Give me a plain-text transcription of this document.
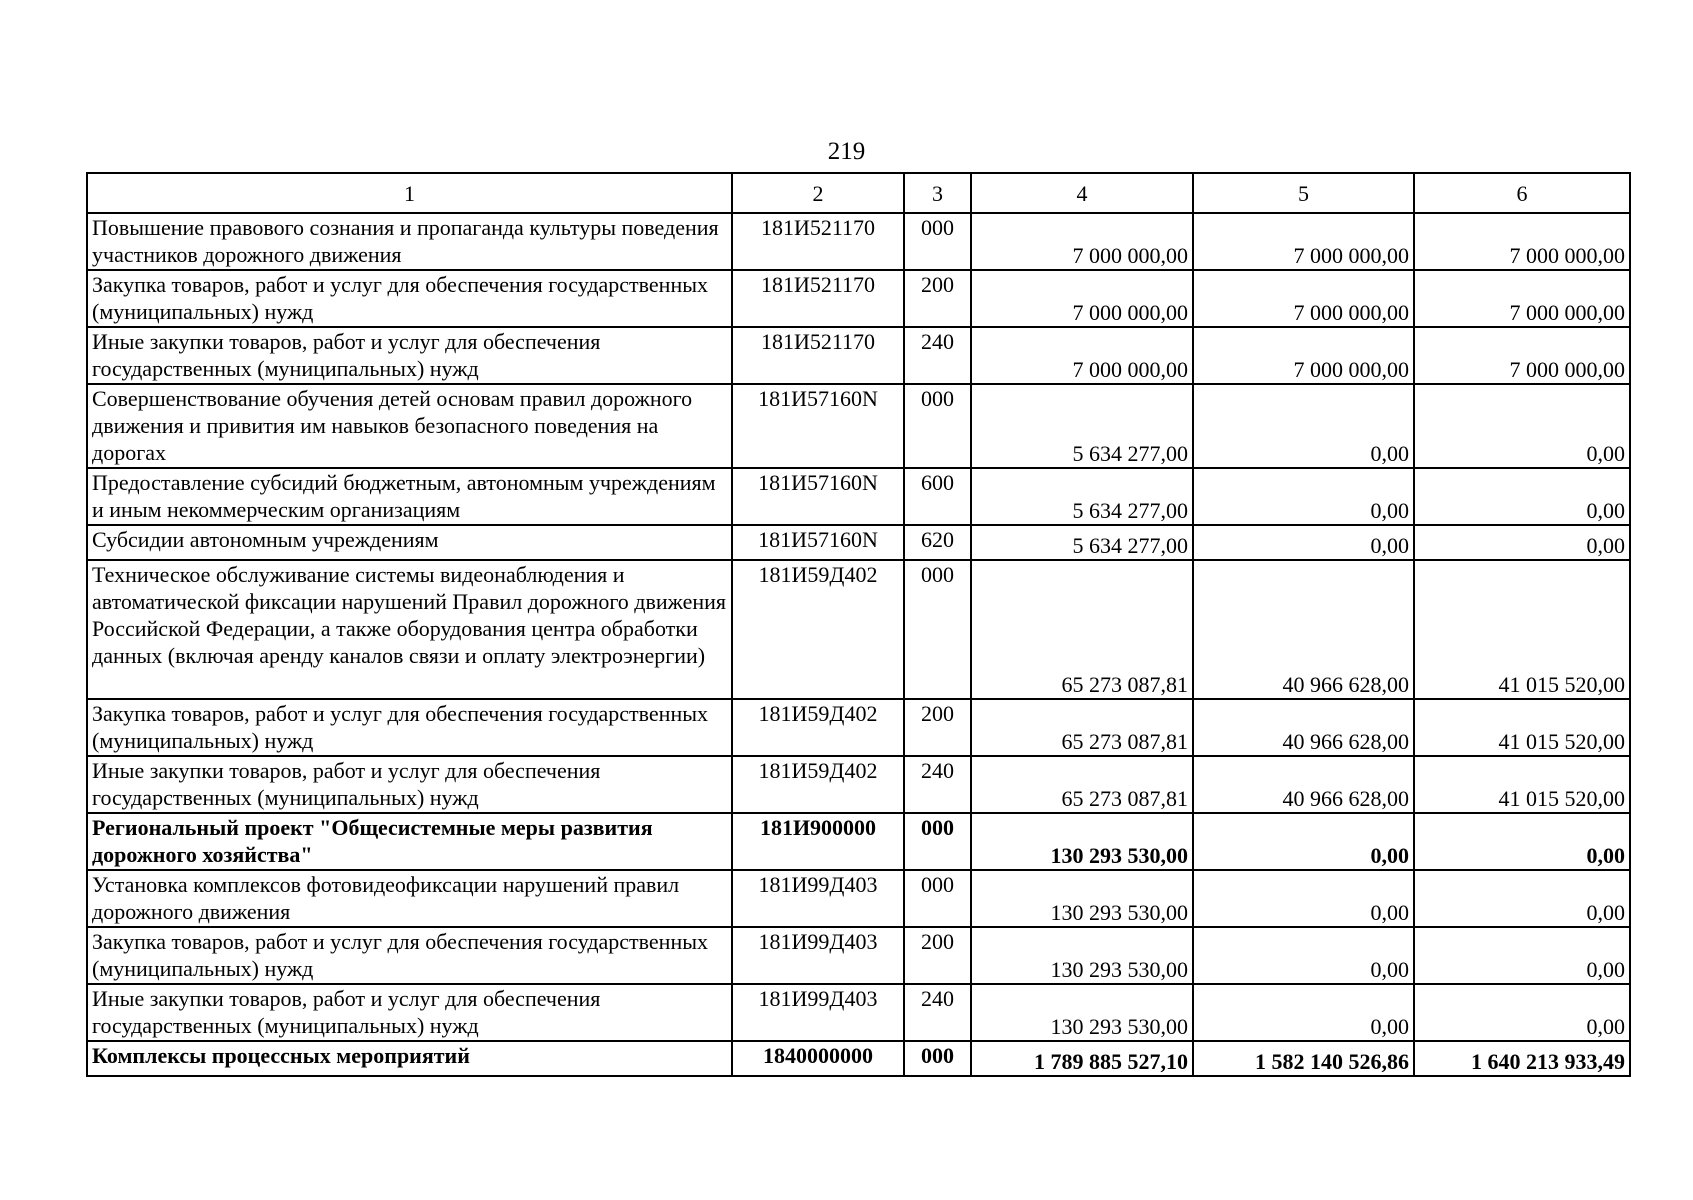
219
1	2	3	4	5	6
Повышение правового сознания и пропаганда культуры поведения участников дорожного движения	181И521170	000	7 000 000,00	7 000 000,00	7 000 000,00
Закупка товаров, работ и услуг для обеспечения государственных (муниципальных) нужд	181И521170	200	7 000 000,00	7 000 000,00	7 000 000,00
Иные закупки товаров, работ и услуг для обеспечения государственных (муниципальных) нужд	181И521170	240	7 000 000,00	7 000 000,00	7 000 000,00
Совершенствование обучения детей основам правил дорожного движения и привития им навыков безопасного поведения на дорогах	181И57160N	000	5 634 277,00	0,00	0,00
Предоставление субсидий бюджетным, автономным учреждениям и иным некоммерческим организациям	181И57160N	600	5 634 277,00	0,00	0,00
Субсидии автономным учреждениям	181И57160N	620	5 634 277,00	0,00	0,00
Техническое обслуживание системы видеонаблюдения и автоматической фиксации нарушений Правил дорожного движения Российской Федерации, а также оборудования центра обработки данных (включая аренду каналов связи и оплату электроэнергии)	181И59Д402	000	65 273 087,81	40 966 628,00	41 015 520,00
Закупка товаров, работ и услуг для обеспечения государственных (муниципальных) нужд	181И59Д402	200	65 273 087,81	40 966 628,00	41 015 520,00
Иные закупки товаров, работ и услуг для обеспечения государственных (муниципальных) нужд	181И59Д402	240	65 273 087,81	40 966 628,00	41 015 520,00
Региональный проект "Общесистемные меры развития дорожного хозяйства"	181И900000	000	130 293 530,00	0,00	0,00
Установка комплексов фотовидеофиксации нарушений правил дорожного движения	181И99Д403	000	130 293 530,00	0,00	0,00
Закупка товаров, работ и услуг для обеспечения государственных (муниципальных) нужд	181И99Д403	200	130 293 530,00	0,00	0,00
Иные закупки товаров, работ и услуг для обеспечения государственных (муниципальных) нужд	181И99Д403	240	130 293 530,00	0,00	0,00
Комплексы процессных мероприятий	1840000000	000	1 789 885 527,10	1 582 140 526,86	1 640 213 933,49
